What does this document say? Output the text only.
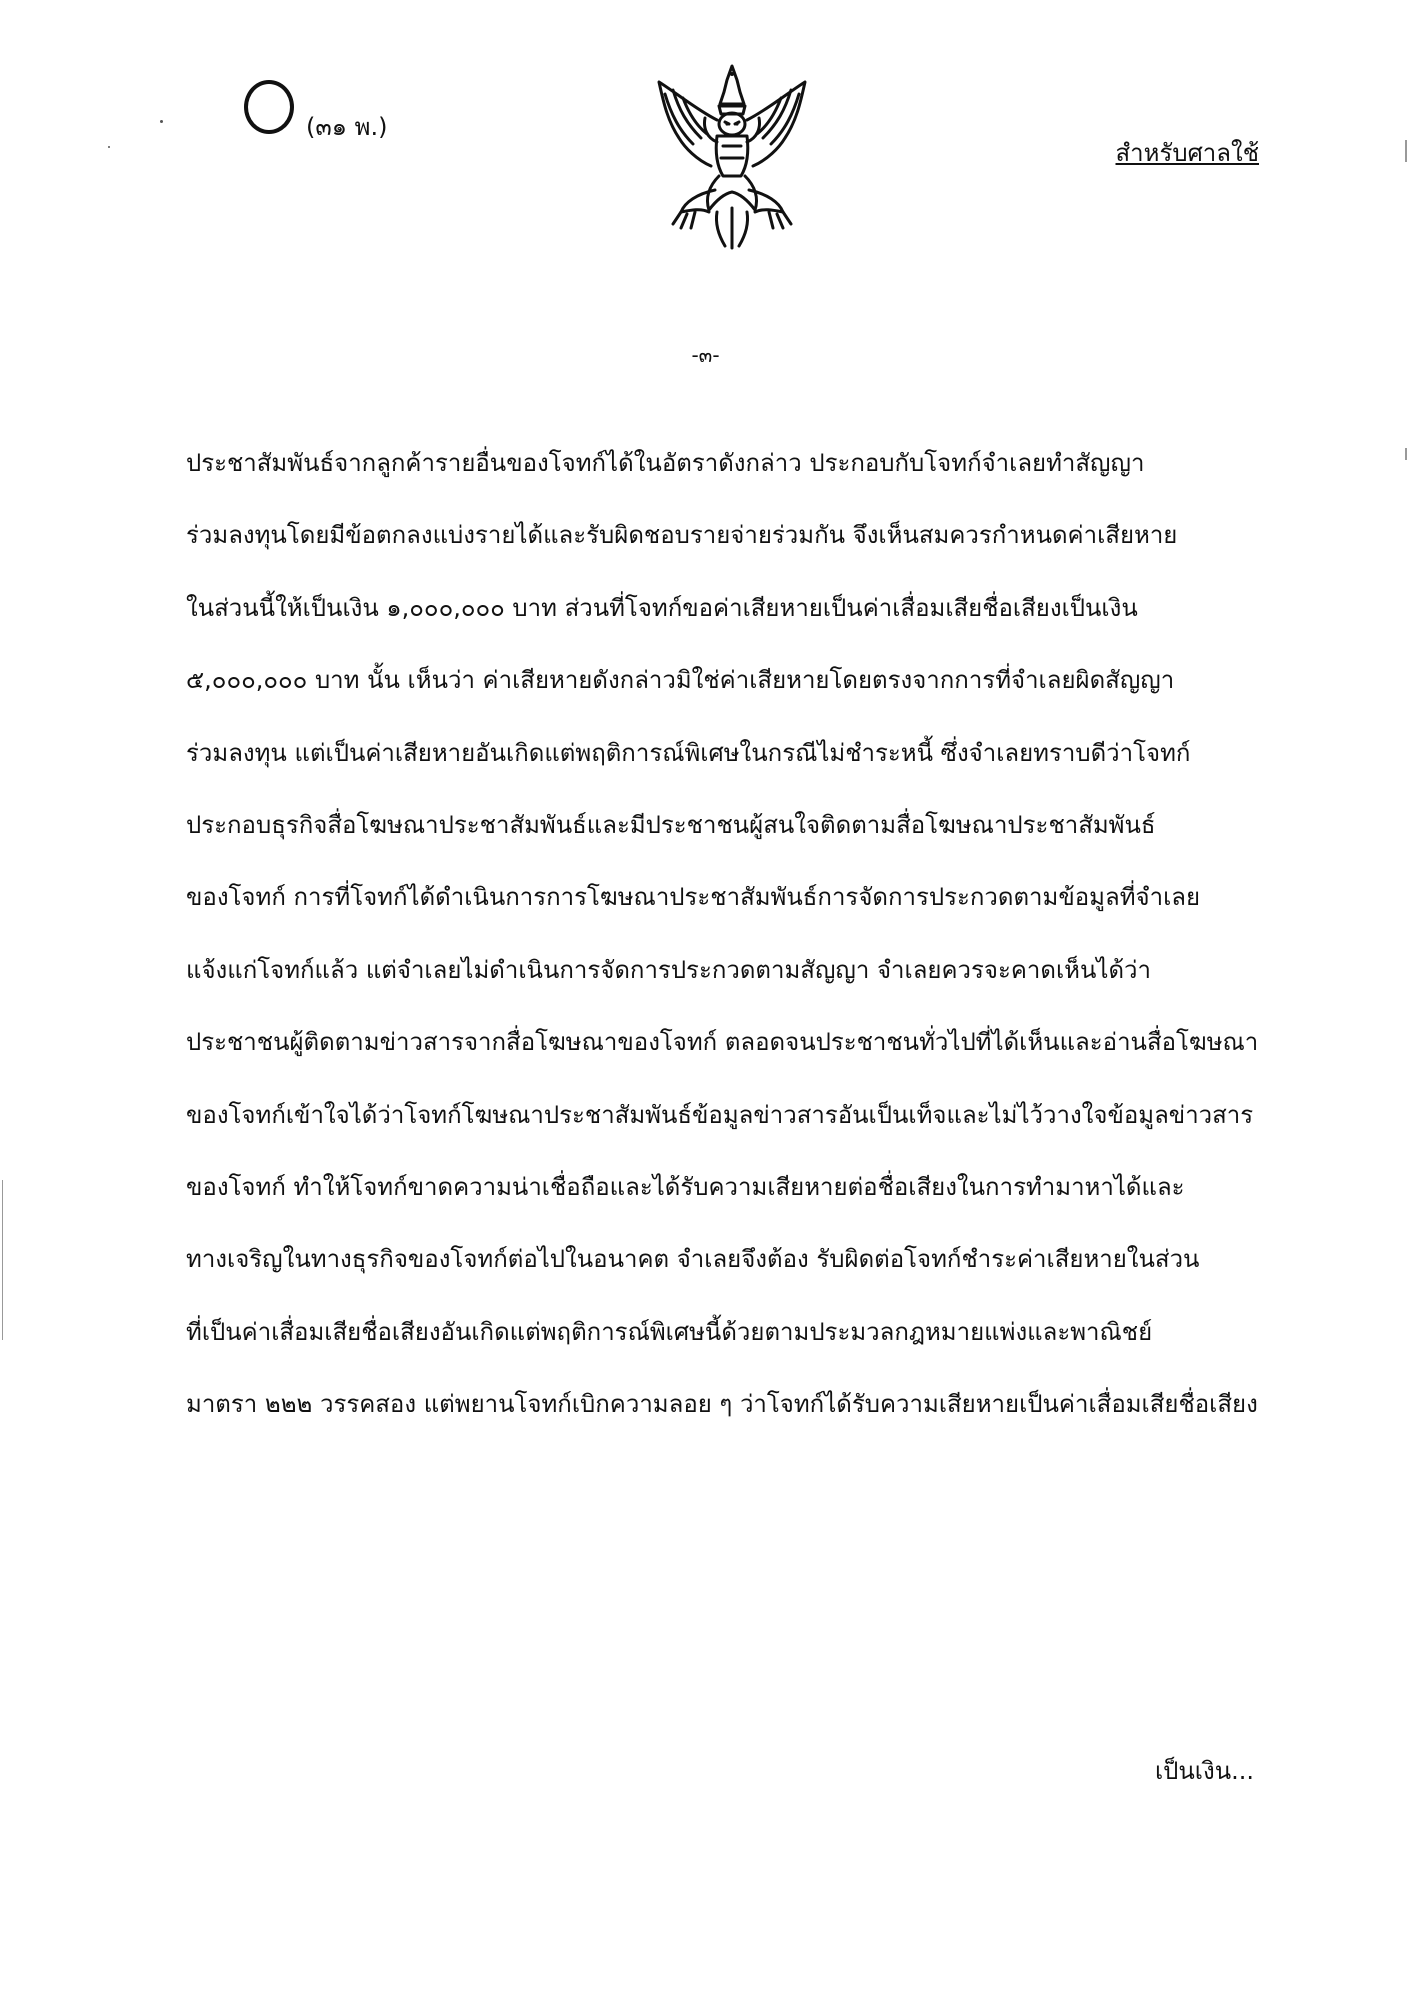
(๓๑ พ.)
สำหรับศาลใช้
-๓-
ประชาสัมพันธ์จากลูกค้ารายอื่นของโจทก์ได้ในอัตราดังกล่าว ประกอบกับโจทก์จำเลยทำสัญญา
ร่วมลงทุนโดยมีข้อตกลงแบ่งรายได้และรับผิดชอบรายจ่ายร่วมกัน จึงเห็นสมควรกำหนดค่าเสียหาย
ในส่วนนี้ให้เป็นเงิน ๑,๐๐๐,๐๐๐ บาท ส่วนที่โจทก์ขอค่าเสียหายเป็นค่าเสื่อมเสียชื่อเสียงเป็นเงิน
๕,๐๐๐,๐๐๐ บาท นั้น เห็นว่า ค่าเสียหายดังกล่าวมิใช่ค่าเสียหายโดยตรงจากการที่จำเลยผิดสัญญา
ร่วมลงทุน แต่เป็นค่าเสียหายอันเกิดแต่พฤติการณ์พิเศษในกรณีไม่ชำระหนี้ ซึ่งจำเลยทราบดีว่าโจทก์
ประกอบธุรกิจสื่อโฆษณาประชาสัมพันธ์และมีประชาชนผู้สนใจติดตามสื่อโฆษณาประชาสัมพันธ์
ของโจทก์ การที่โจทก์ได้ดำเนินการการโฆษณาประชาสัมพันธ์การจัดการประกวดตามข้อมูลที่จำเลย
แจ้งแก่โจทก์แล้ว แต่จำเลยไม่ดำเนินการจัดการประกวดตามสัญญา จำเลยควรจะคาดเห็นได้ว่า
ประชาชนผู้ติดตามข่าวสารจากสื่อโฆษณาของโจทก์ ตลอดจนประชาชนทั่วไปที่ได้เห็นและอ่านสื่อโฆษณา
ของโจทก์เข้าใจได้ว่าโจทก์โฆษณาประชาสัมพันธ์ข้อมูลข่าวสารอันเป็นเท็จและไม่ไว้วางใจข้อมูลข่าวสาร
ของโจทก์ ทำให้โจทก์ขาดความน่าเชื่อถือและได้รับความเสียหายต่อชื่อเสียงในการทำมาหาได้และ
ทางเจริญในทางธุรกิจของโจทก์ต่อไปในอนาคต จำเลยจึงต้อง รับผิดต่อโจทก์ชำระค่าเสียหายในส่วน
ที่เป็นค่าเสื่อมเสียชื่อเสียงอันเกิดแต่พฤติการณ์พิเศษนี้ด้วยตามประมวลกฎหมายแพ่งและพาณิชย์
มาตรา ๒๒๒ วรรคสอง แต่พยานโจทก์เบิกความลอย ๆ ว่าโจทก์ได้รับความเสียหายเป็นค่าเสื่อมเสียชื่อเสียง
เป็นเงิน...
